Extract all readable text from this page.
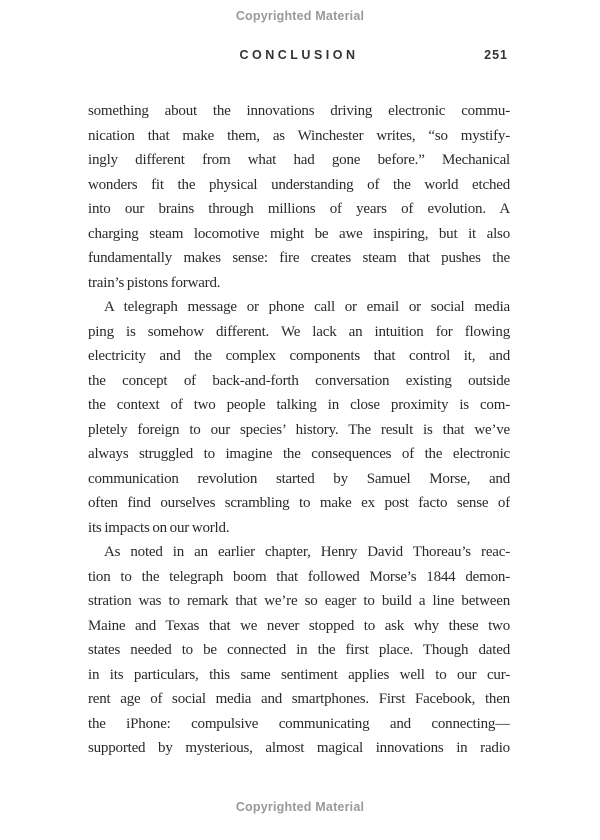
Copyrighted Material
CONCLUSION	251
something about the innovations driving electronic commu-
nication that make them, as Winchester writes, “so mystify-
ingly different from what had gone before.” Mechanical
wonders fit the physical understanding of the world etched
into our brains through millions of years of evolution. A
charging steam locomotive might be awe inspiring, but it also
fundamentally makes sense: fire creates steam that pushes the
train’s pistons forward.
A telegraph message or phone call or email or social media
ping is somehow different. We lack an intuition for flowing
electricity and the complex components that control it, and
the concept of back-and-forth conversation existing outside
the context of two people talking in close proximity is com-
pletely foreign to our species’ history. The result is that we’ve
always struggled to imagine the consequences of the electronic
communication revolution started by Samuel Morse, and
often find ourselves scrambling to make ex post facto sense of
its impacts on our world.
As noted in an earlier chapter, Henry David Thoreau’s reac-
tion to the telegraph boom that followed Morse’s 1844 demon-
stration was to remark that we’re so eager to build a line between
Maine and Texas that we never stopped to ask why these two
states needed to be connected in the first place. Though dated
in its particulars, this same sentiment applies well to our cur-
rent age of social media and smartphones. First Facebook, then
the iPhone: compulsive communicating and connecting—
supported by mysterious, almost magical innovations in radio
Copyrighted Material
